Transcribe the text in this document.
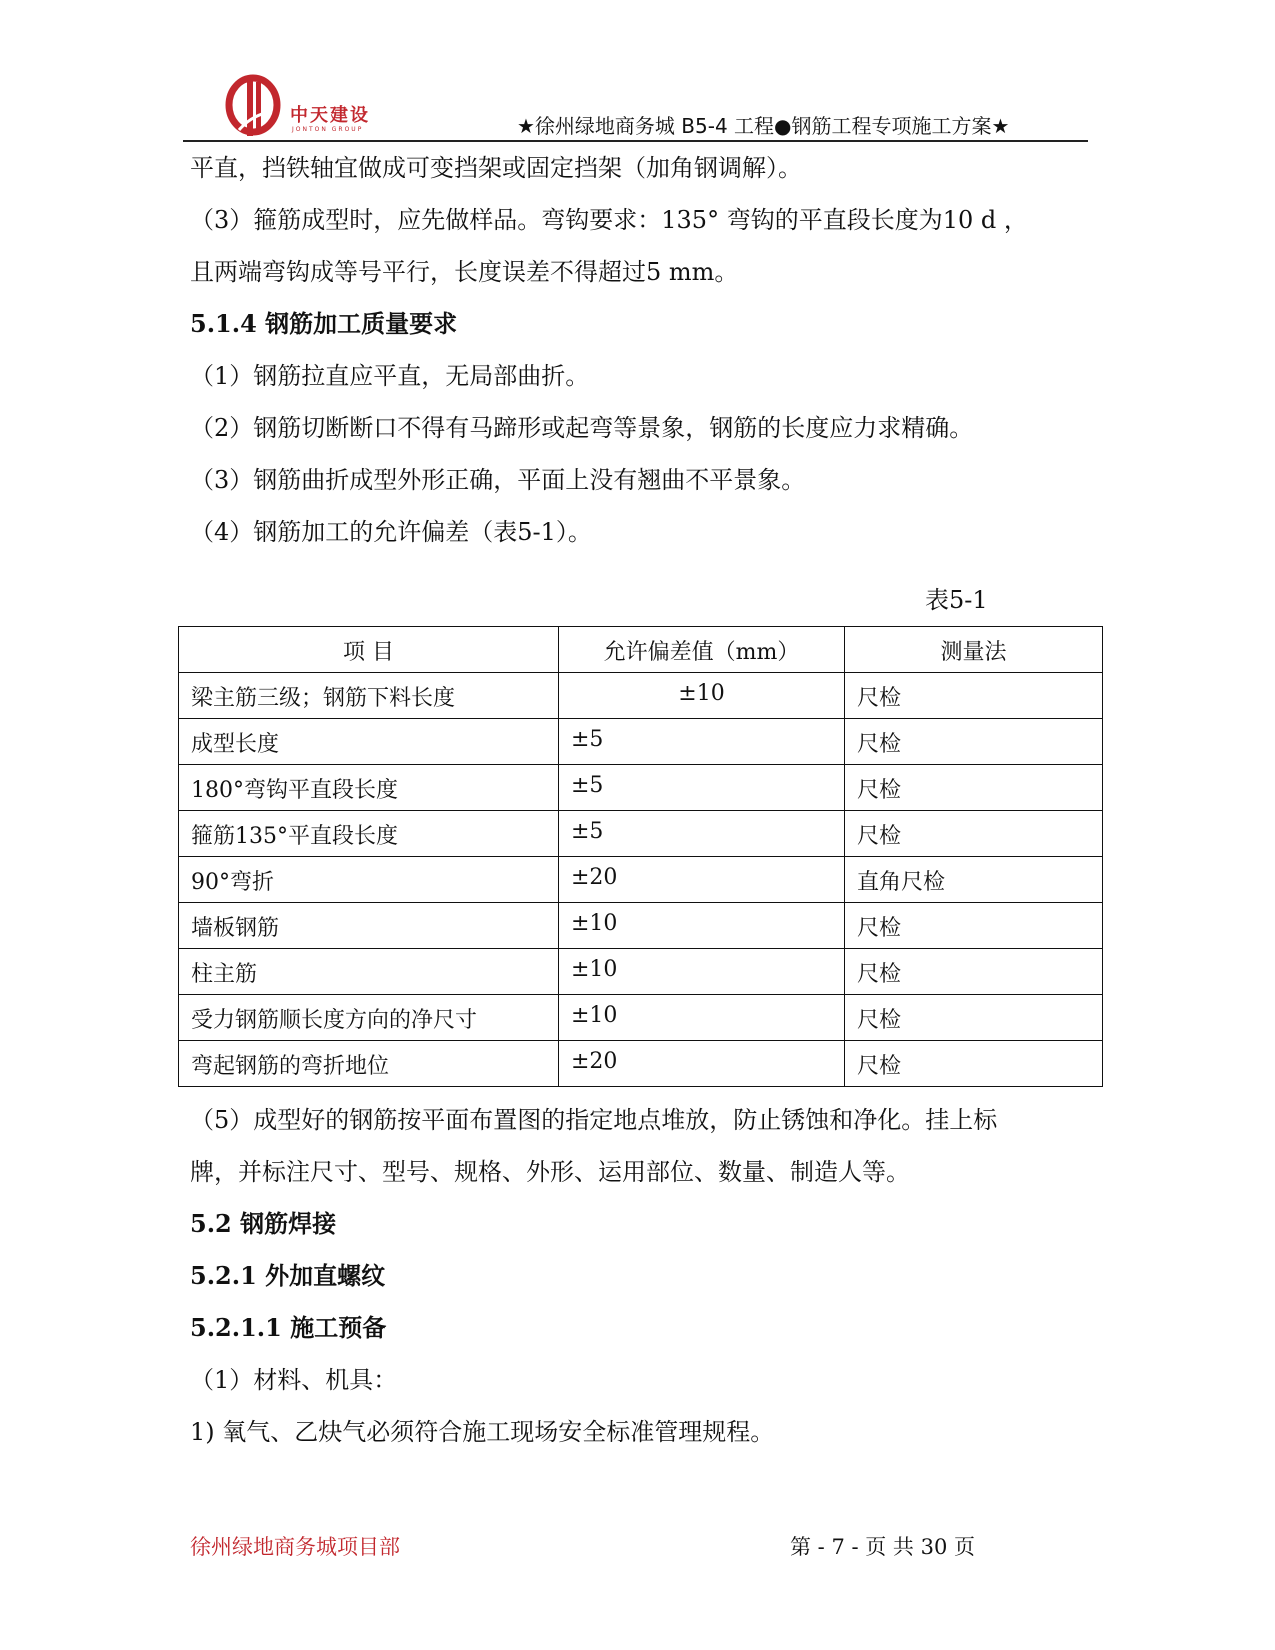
中天建设
JONTON GROUP	★徐州绿地商务城 B5-4 工程●钢筋工程专项施工方案★
平直，挡铁轴宜做成可变挡架或固定挡架（加角钢调解）。
（3）箍筋成型时，应先做样品。弯钩要求：135° 弯钩的平直段长度为10 d ，
且两端弯钩成等号平行，长度误差不得超过5 mm。
5.1.4 钢筋加工质量要求
（1）钢筋拉直应平直，无局部曲折。
（2）钢筋切断断口不得有马蹄形或起弯等景象，钢筋的长度应力求精确。
（3）钢筋曲折成型外形正确，平面上没有翘曲不平景象。
（4）钢筋加工的允许偏差（表5-1）。
表5-1
项 目	允许偏差值（mm）	测量法
梁主筋三级；钢筋下料长度	±10	尺检
成型长度	±5	尺检
180°弯钩平直段长度	±5	尺检
箍筋135°平直段长度	±5	尺检
90°弯折	±20	直角尺检
墙板钢筋	±10	尺检
柱主筋	±10	尺检
受力钢筋顺长度方向的净尺寸	±10	尺检
弯起钢筋的弯折地位	±20	尺检
（5）成型好的钢筋按平面布置图的指定地点堆放，防止锈蚀和净化。挂上标
牌，并标注尺寸、型号、规格、外形、运用部位、数量、制造人等。
5.2 钢筋焊接
5.2.1 外加直螺纹
5.2.1.1 施工预备
（1）材料、机具：
1) 氧气、乙炔气必须符合施工现场安全标准管理规程。
徐州绿地商务城项目部	第 - 7 - 页 共 30 页
